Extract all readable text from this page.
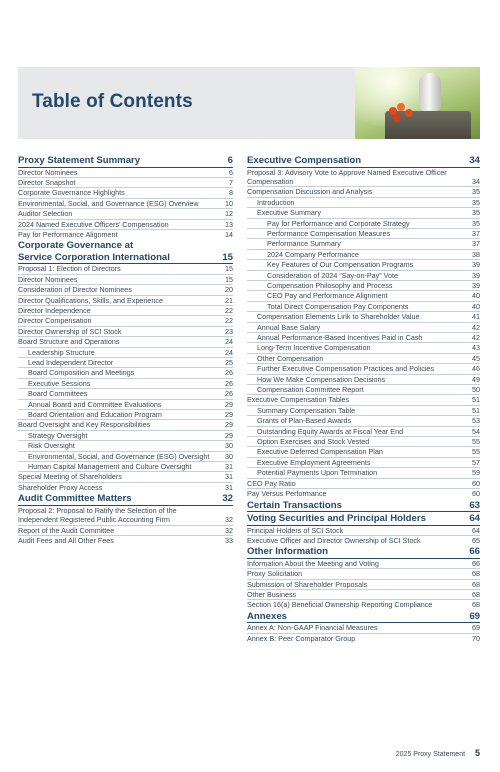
Table of Contents
Proxy Statement Summary	6
Director Nominees	6
Director Snapshot	7
Corporate Governance Highlights	8
Environmental, Social, and Governance (ESG) Overview	10
Auditor Selection	12
2024 Named Executive Officers’ Compensation	13
Pay for Performance Alignment	14
Corporate Governance at
Service Corporation International	15
Proposal 1: Election of Directors	15
Director Nominees	15
Consideration of Director Nominees	20
Director Qualifications, Skills, and Experience	21
Director Independence	22
Director Compensation	22
Director Ownership of SCI Stock	23
Board Structure and Operations	24
Leadership Structure	24
Lead Independent Director	25
Board Composition and Meetings	26
Executive Sessions	26
Board Committees	26
Annual Board and Committee Evaluations	29
Board Orientation and Education Program	29
Board Oversight and Key Responsibilities	29
Strategy Oversight	29
Risk Oversight	30
Environmental, Social, and Governance (ESG) Oversight	30
Human Capital Management and Culture Oversight	31
Special Meeting of Shareholders	31
Shareholder Proxy Access	31
Audit Committee Matters	32
Proposal 2: Proposal to Ratify the Selection of the Independent Registered Public Accounting Firm	32
Report of the Audit Committee	32
Audit Fees and All Other Fees	33
Executive Compensation	34
Proposal 3: Advisory Vote to Approve Named Executive Officer Compensation	34
Compensation Discussion and Analysis	35
Introduction	35
Executive Summary	35
Pay for Performance and Corporate Strategy	35
Performance Compensation Measures	37
Performance Summary	37
2024 Company Performance	38
Key Features of Our Compensation Programs	39
Consideration of 2024 “Say-on-Pay” Vote	39
Compensation Philosophy and Process	39
CEO Pay and Performance Alignment	40
Total Direct Compensation Pay Components	40
Compensation Elements Link to Shareholder Value	41
Annual Base Salary	42
Annual Performance-Based Incentives Paid in Cash	42
Long-Term Incentive Compensation	43
Other Compensation	45
Further Executive Compensation Practices and Policies	46
How We Make Compensation Decisions	49
Compensation Committee Report	50
Executive Compensation Tables	51
Summary Compensation Table	51
Grants of Plan-Based Awards	53
Outstanding Equity Awards at Fiscal Year End	54
Option Exercises and Stock Vested	55
Executive Deferred Compensation Plan	55
Executive Employment Agreements	57
Potential Payments Upon Termination	59
CEO Pay Ratio	60
Pay Versus Performance	60
Certain Transactions	63
Voting Securities and Principal Holders	64
Principal Holders of SCI Stock	64
Executive Officer and Director Ownership of SCI Stock	65
Other Information	66
Information About the Meeting and Voting	66
Proxy Solicitation	68
Submission of Shareholder Proposals	68
Other Business	68
Section 16(a) Beneficial Ownership Reporting Compliance	68
Annexes	69
Annex A: Non-GAAP Financial Measures	69
Annex B: Peer Comparator Group	70
2025 Proxy Statement 5
